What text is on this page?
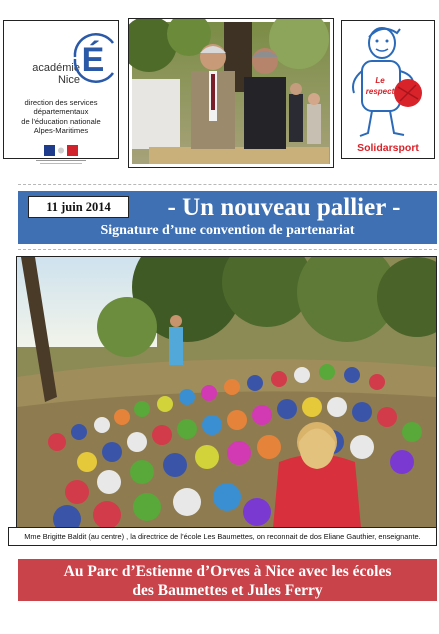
académie
Nice
É
direction des services
départementaux
de l'éducation nationale
Alpes-Maritimes
Le
respect
Solidarsport
11 juin 2014	- Un nouveau pallier -
Signature d’une convention de partenariat
Mme Brigitte Baldit (au centre) , la directrice de l’école Les Baumettes, on reconnait de dos Eliane Gauthier, enseignante.
Au Parc d’Estienne d’Orves à Nice avec les écoles
des Baumettes et Jules Ferry
